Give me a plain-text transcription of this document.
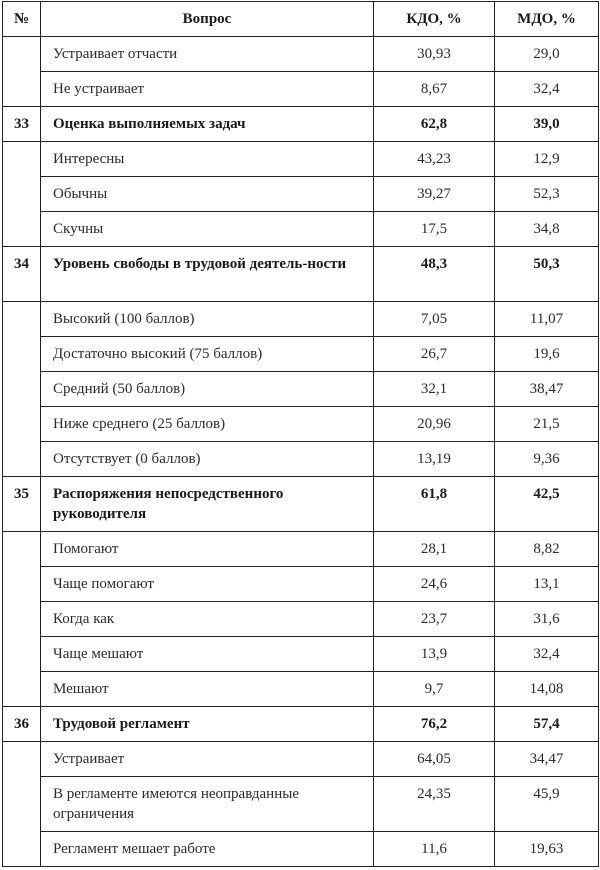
№	Вопрос	КДО, %	МДО, %

	Устраивает отчасти	30,93	29,0

	Не устраивает	8,67	32,4

33	Оценка выполняемых задач	62,8	39,0

	Интересны	43,23	12,9

	Обычны	39,27	52,3

	Скучны	17,5	34,8

34	Уровень свободы в трудовой деятель-ности	48,3	50,3

	Высокий (100 баллов)	7,05	11,07

	Достаточно высокий (75 баллов)	26,7	19,6

	Средний (50 баллов)	32,1	38,47

	Ниже среднего (25 баллов)	20,96	21,5

	Отсутствует (0 баллов)	13,19	9,36

35	Распоряжения непосредственного руководителя	61,8	42,5

	Помогают	28,1	8,82

	Чаще помогают	24,6	13,1

	Когда как	23,7	31,6

	Чаще мешают	13,9	32,4

	Мешают	9,7	14,08

36	Трудовой регламент	76,2	57,4

	Устраивает	64,05	34,47

	В регламенте имеются неоправданные ограничения	24,35	45,9

	Регламент мешает работе	11,6	19,63
